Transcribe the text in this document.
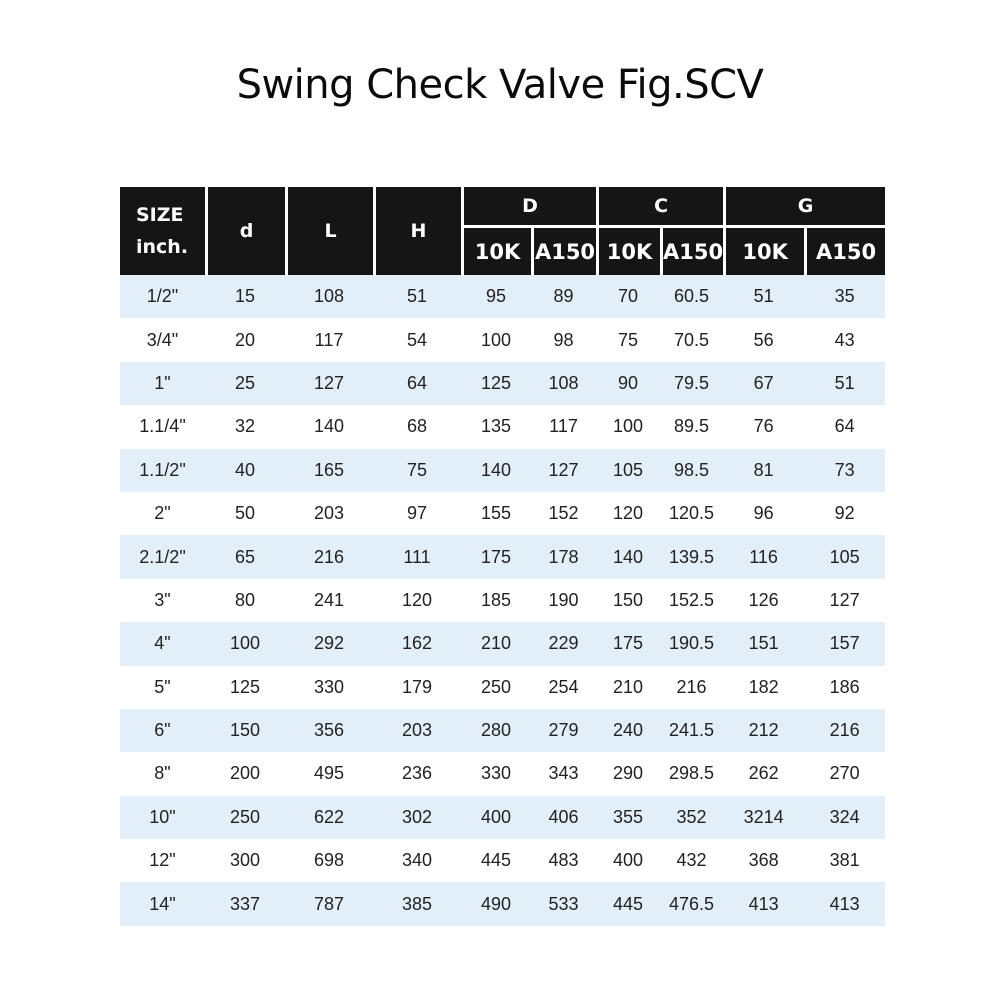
Swing Check Valve Fig.SCV
SIZE
inch.	d	L	H	D		C		G	
				10K	A150	10K	A150	10K	A150
1/2"	15	108	51	95	89	70	60.5	51	35
3/4"	20	117	54	100	98	75	70.5	56	43
1"	25	127	64	125	108	90	79.5	67	51
1.1/4"	32	140	68	135	117	100	89.5	76	64
1.1/2"	40	165	75	140	127	105	98.5	81	73
2"	50	203	97	155	152	120	120.5	96	92
2.1/2"	65	216	111	175	178	140	139.5	116	105
3"	80	241	120	185	190	150	152.5	126	127
4"	100	292	162	210	229	175	190.5	151	157
5"	125	330	179	250	254	210	216	182	186
6"	150	356	203	280	279	240	241.5	212	216
8"	200	495	236	330	343	290	298.5	262	270
10"	250	622	302	400	406	355	352	3214	324
12"	300	698	340	445	483	400	432	368	381
14"	337	787	385	490	533	445	476.5	413	413
